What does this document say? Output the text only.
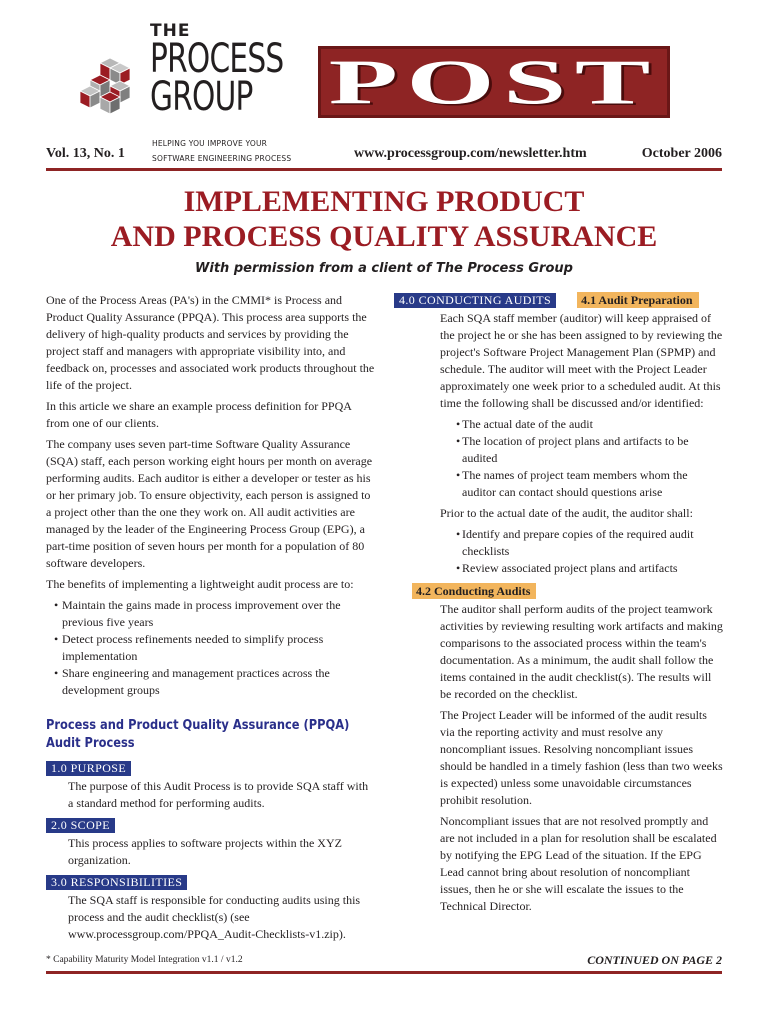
THE
PROCESS
GROUP
HELPING YOU IMPROVE YOUR
SOFTWARE ENGINEERING PROCESS
POST
Vol. 13, No. 1	www.processgroup.com/newsletter.htm	October 2006
IMPLEMENTING PRODUCT
AND PROCESS QUALITY ASSURANCE
With permission from a client of The Process Group

One of the Process Areas (PA's) in the CMMI* is Process and Product Quality Assurance (PPQA). This process area supports the delivery of high-quality products and services by providing the project staff and managers with appropriate visibility into, and feedback on, processes and associated work products throughout the life of the project.

In this article we share an example process definition for PPQA from one of our clients.

The company uses seven part-time Software Quality Assurance (SQA) staff, each person working eight hours per month on average performing audits. Each auditor is either a developer or tester as his or her primary job. To ensure objectivity, each person is assigned to a project other than the one they work on. All audit activities are managed by the leader of the Engineering Process Group (EPG), a part-time position of seven hours per month for a population of 80 software developers.

The benefits of implementing a lightweight audit process are to:

• Maintain the gains made in process improvement over the previous five years
• Detect process refinements needed to simplify process implementation
• Share engineering and management practices across the development groups
Process and Product Quality Assurance (PPQA)
Audit Process
1.0 PURPOSE

The purpose of this Audit Process is to provide SQA staff with a standard method for performing audits.

2.0 SCOPE

This process applies to software projects within the XYZ organization.

3.0 RESPONSIBILITIES

The SQA staff is responsible for conducting audits using this process and the audit checklist(s) (see www.processgroup.com/PPQA_Audit-Checklists-v1.zip).

4.0 CONDUCTING AUDITS	4.1 Audit Preparation

Each SQA staff member (auditor) will keep appraised of the project he or she has been assigned to by reviewing the project's Software Project Management Plan (SPMP) and schedule. The auditor will meet with the Project Leader approximately one week prior to a scheduled audit. At this time the following shall be discussed and/or identified:

• The actual date of the audit
• The location of project plans and artifacts to be audited
• The names of project team members whom the auditor can contact should questions arise

Prior to the actual date of the audit, the auditor shall:

• Identify and prepare copies of the required audit checklists
• Review associated project plans and artifacts
4.2 Conducting Audits

The auditor shall perform audits of the project teamwork activities by reviewing resulting work artifacts and making comparisons to the associated process within the team's documentation. As a minimum, the audit shall follow the items contained in the audit checklist(s). The results will be recorded on the checklist.

The Project Leader will be informed of the audit results via the reporting activity and must resolve any noncompliant issues. Resolving noncompliant issues should be handled in a timely fashion (less than two weeks is expected) unless some unavoidable circumstances prohibit resolution.

Noncompliant issues that are not resolved promptly and are not included in a plan for resolution shall be escalated by notifying the EPG Lead of the situation. If the EPG Lead cannot bring about resolution of noncompliant issues, then he or she will escalate the issues to the Technical Director.

* Capability Maturity Model Integration v1.1 / v1.2	CONTINUED ON PAGE 2
